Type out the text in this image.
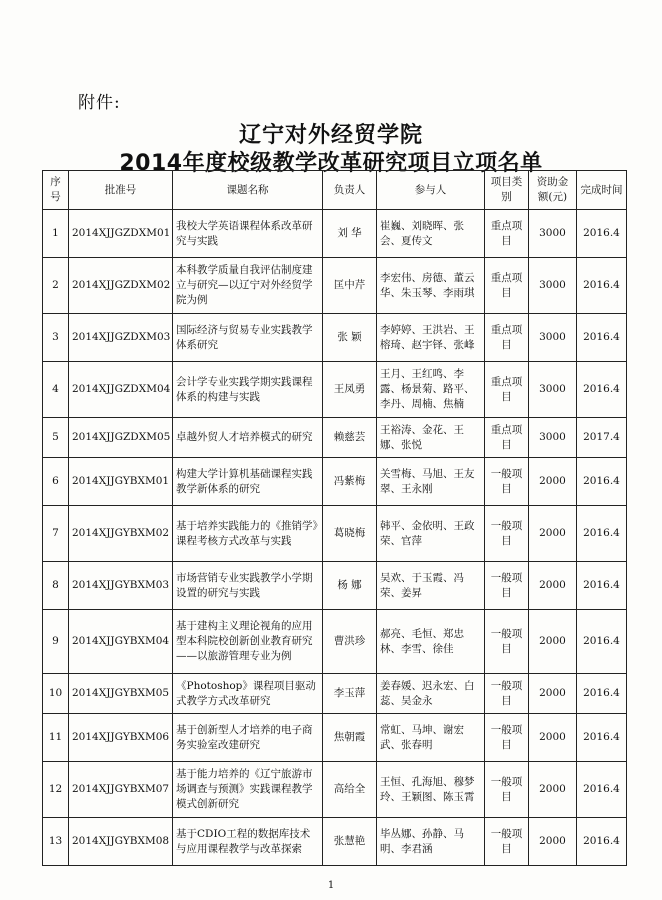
附件:
辽宁对外经贸学院
2014年度校级教学改革研究项目立项名单
序号	批准号	课题名称	负责人	参与人	项目类别	资助金额(元)	完成时间
1	2014XJJGZDXM01	我校大学英语课程体系改革研究与实践	刘 华	崔巍、刘晓晖、张会、夏传文	重点项目	3000	2016.4
2	2014XJJGZDXM02	本科教学质量自我评估制度建立与研究—以辽宁对外经贸学院为例	匡中芹	李宏伟、房德、董云华、朱玉琴、李雨琪	重点项目	3000	2016.4
3	2014XJJGZDXM03	国际经济与贸易专业实践教学体系研究	张 颖	李婷婷、王洪岩、王榕琦、赵宇铎、张峰	重点项目	3000	2016.4
4	2014XJJGZDXM04	会计学专业实践学期实践课程体系的构建与实践	王凤勇	王月、王红鸣、李露、杨景菊、路平、李丹、周楠、焦楠	重点项目	3000	2016.4
5	2014XJJGZDXM05	卓越外贸人才培养模式的研究	赖慈芸	王裕涛、金花、王娜、张悦	重点项目	3000	2017.4
6	2014XJJGYBXM01	构建大学计算机基础课程实践教学新体系的研究	冯紫梅	关雪梅、马旭、王友翠、王永刚	一般项目	2000	2016.4
7	2014XJJGYBXM02	基于培养实践能力的《推销学》课程考核方式改革与实践	葛晓梅	韩平、金依明、王政荣、官萍	一般项目	2000	2016.4
8	2014XJJGYBXM03	市场营销专业实践教学小学期设置的研究与实践	杨 娜	吴欢、于玉霞、冯荣、姜昇	一般项目	2000	2016.4
9	2014XJJGYBXM04	基于建构主义理论视角的应用型本科院校创新创业教育研究——以旅游管理专业为例	曹洪珍	郝亮、毛恒、郑忠林、李雪、徐佳	一般项目	2000	2016.4
10	2014XJJGYBXM05	《Photoshop》课程项目驱动式教学方式改革研究	李玉萍	姜春媛、迟永宏、白蕊、吴金永	一般项目	2000	2016.4
11	2014XJJGYBXM06	基于创新型人才培养的电子商务实验室改建研究	焦朝霞	常虹、马坤、谢宏武、张春明	一般项目	2000	2016.4
12	2014XJJGYBXM07	基于能力培养的《辽宁旅游市场调查与预测》实践课程教学模式创新研究	高给全	王恒、孔海旭、穆梦玲、王颖图、陈玉霄	一般项目	2000	2016.4
13	2014XJJGYBXM08	基于CDIO工程的数据库技术与应用课程教学与改革探索	张慧艳	毕丛娜、孙静、马明、李君涵	一般项目	2000	2016.4
1
